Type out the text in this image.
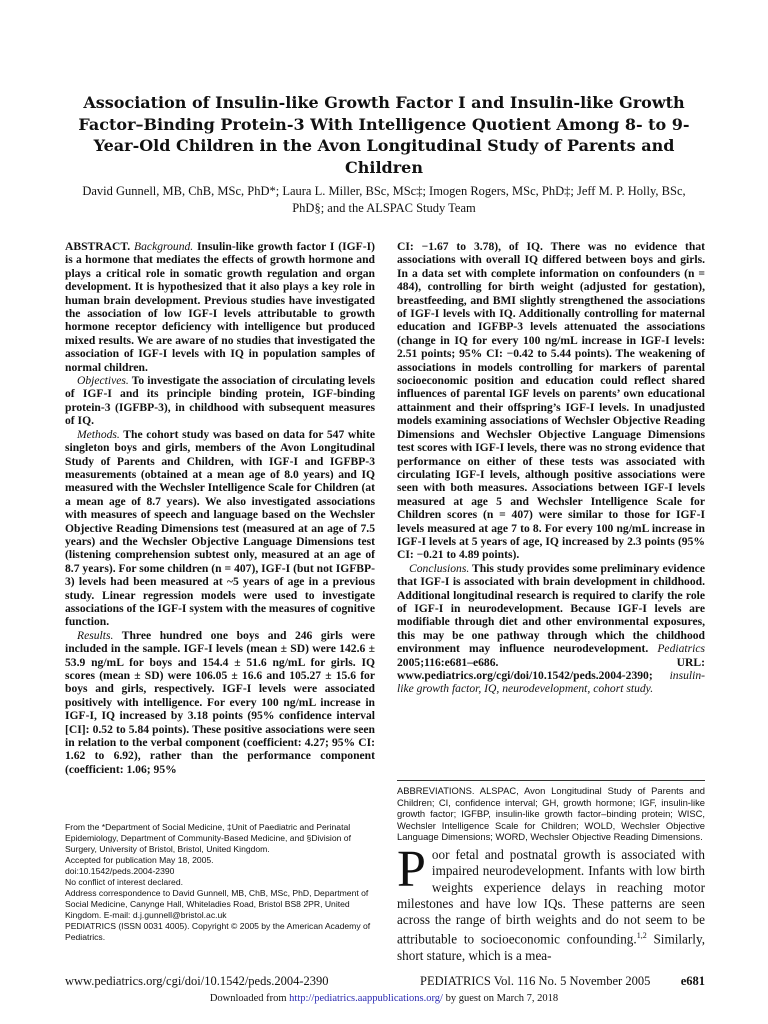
Association of Insulin-like Growth Factor I and Insulin-like Growth Factor–Binding Protein-3 With Intelligence Quotient Among 8- to 9-Year-Old Children in the Avon Longitudinal Study of Parents and Children
David Gunnell, MB, ChB, MSc, PhD*; Laura L. Miller, BSc, MSc‡; Imogen Rogers, MSc, PhD‡; Jeff M. P. Holly, BSc, PhD§; and the ALSPAC Study Team

ABSTRACT. Background. Insulin-like growth factor I (IGF-I) is a hormone that mediates the effects of growth hormone and plays a critical role in somatic growth regulation and organ development. It is hypothesized that it also plays a key role in human brain development. Previous studies have investigated the association of low IGF-I levels attributable to growth hormone receptor deficiency with intelligence but produced mixed results. We are aware of no studies that investigated the association of IGF-I levels with IQ in population samples of normal children.

Objectives. To investigate the association of circulating levels of IGF-I and its principle binding protein, IGF-binding protein-3 (IGFBP-3), in childhood with subsequent measures of IQ.

Methods. The cohort study was based on data for 547 white singleton boys and girls, members of the Avon Longitudinal Study of Parents and Children, with IGF-I and IGFBP-3 measurements (obtained at a mean age of 8.0 years) and IQ measured with the Wechsler Intelligence Scale for Children (at a mean age of 8.7 years). We also investigated associations with measures of speech and language based on the Wechsler Objective Reading Dimensions test (measured at an age of 7.5 years) and the Wechsler Objective Language Dimensions test (listening comprehension subtest only, measured at an age of 8.7 years). For some children (n = 407), IGF-I (but not IGFBP-3) levels had been measured at ~5 years of age in a previous study. Linear regression models were used to investigate associations of the IGF-I system with the measures of cognitive function.

Results. Three hundred one boys and 246 girls were included in the sample. IGF-I levels (mean ± SD) were 142.6 ± 53.9 ng/mL for boys and 154.4 ± 51.6 ng/mL for girls. IQ scores (mean ± SD) were 106.05 ± 16.6 and 105.27 ± 15.6 for boys and girls, respectively. IGF-I levels were associated positively with intelligence. For every 100 ng/mL increase in IGF-I, IQ increased by 3.18 points (95% confidence interval [CI]: 0.52 to 5.84 points). These positive associations were seen in relation to the verbal component (coefficient: 4.27; 95% CI: 1.62 to 6.92), rather than the performance component (coefficient: 1.06; 95%

CI: −1.67 to 3.78), of IQ. There was no evidence that associations with overall IQ differed between boys and girls. In a data set with complete information on confounders (n = 484), controlling for birth weight (adjusted for gestation), breastfeeding, and BMI slightly strengthened the associations of IGF-I levels with IQ. Additionally controlling for maternal education and IGFBP-3 levels attenuated the associations (change in IQ for every 100 ng/mL increase in IGF-I levels: 2.51 points; 95% CI: −0.42 to 5.44 points). The weakening of associations in models controlling for markers of parental socioeconomic position and education could reflect shared influences of parental IGF levels on parents’ own educational attainment and their offspring’s IGF-I levels. In unadjusted models examining associations of Wechsler Objective Reading Dimensions and Wechsler Objective Language Dimensions test scores with IGF-I levels, there was no strong evidence that performance on either of these tests was associated with circulating IGF-I levels, although positive associations were seen with both measures. Associations between IGF-I levels measured at age 5 and Wechsler Intelligence Scale for Children scores (n = 407) were similar to those for IGF-I levels measured at age 7 to 8. For every 100 ng/mL increase in IGF-I levels at 5 years of age, IQ increased by 2.3 points (95% CI: −0.21 to 4.89 points).

Conclusions. This study provides some preliminary evidence that IGF-I is associated with brain development in childhood. Additional longitudinal research is required to clarify the role of IGF-I in neurodevelopment. Because IGF-I levels are modifiable through diet and other environmental exposures, this may be one pathway through which the childhood environment may influence neurodevelopment. Pediatrics 2005;116:e681–e686. URL: www.pediatrics.org/cgi/doi/10.1542/peds.2004-2390; insulin-like growth factor, IQ, neurodevelopment, cohort study.

ABBREVIATIONS. ALSPAC, Avon Longitudinal Study of Parents and Children; CI, confidence interval; GH, growth hormone; IGF, insulin-like growth factor; IGFBP, insulin-like growth factor–binding protein; WISC, Wechsler Intelligence Scale for Children; WOLD, Wechsler Objective Language Dimensions; WORD, Wechsler Objective Reading Dimensions.

From the *Department of Social Medicine, ‡Unit of Paediatric and Perinatal Epidemiology, Department of Community-Based Medicine, and §Division of Surgery, University of Bristol, Bristol, United Kingdom.
Accepted for publication May 18, 2005.
doi:10.1542/peds.2004-2390
No conflict of interest declared.
Address correspondence to David Gunnell, MB, ChB, MSc, PhD, Department of Social Medicine, Canynge Hall, Whiteladies Road, Bristol BS8 2PR, United Kingdom. E-mail: d.j.gunnell@bristol.ac.uk
PEDIATRICS (ISSN 0031 4005). Copyright © 2005 by the American Academy of Pediatrics.

Poor fetal and postnatal growth is associated with impaired neurodevelopment. Infants with low birth weights experience delays in reaching motor milestones and have low IQs. These patterns are seen across the range of birth weights and do not seem to be attributable to socioeconomic confounding.$^{1,2}$ Similarly, short stature, which is a mea-

www.pediatrics.org/cgi/doi/10.1542/peds.2004-2390	PEDIATRICS Vol. 116 No. 5 November 2005 e681
Downloaded from http://pediatrics.aappublications.org/ by guest on March 7, 2018
